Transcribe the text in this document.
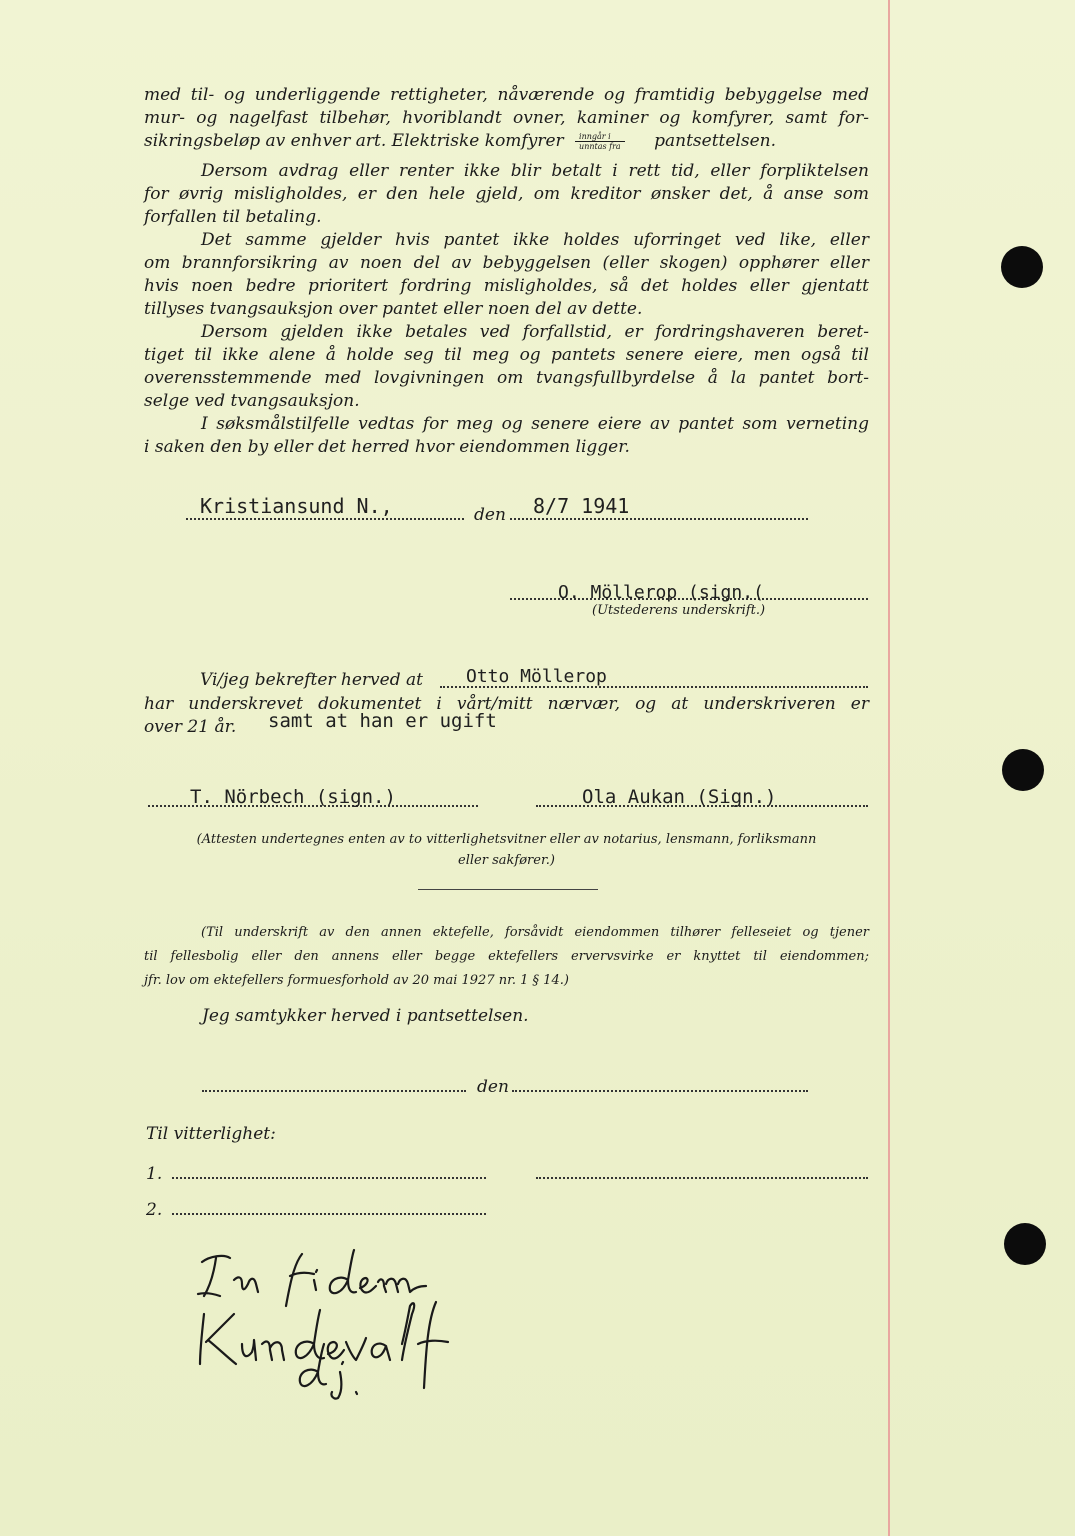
med til- og underliggende rettigheter, nåværende og framtidig bebyggelse med
mur- og nagelfast tilbehør, hvoriblandt ovner, kaminer og komfyrer, samt for-
sikringsbeløp av enhver art. Elektriske komfyrer $\frac{\text{inngår i}}{\text{unntas fra}}$ pantsettelsen.
Dersom avdrag eller renter ikke blir betalt i rett tid, eller forpliktelsen
for øvrig misligholdes, er den hele gjeld, om kreditor ønsker det, å anse som
forfallen til betaling.
Det samme gjelder hvis pantet ikke holdes uforringet ved like, eller
om brannforsikring av noen del av bebyggelsen (eller skogen) opphører eller
hvis noen bedre prioritert fordring misligholdes, så det holdes eller gjentatt
tillyses tvangsauksjon over pantet eller noen del av dette.
Dersom gjelden ikke betales ved forfallstid, er fordringshaveren beret-
tiget til ikke alene å holde seg til meg og pantets senere eiere, men også til
overensstemmende med lovgivningen om tvangsfullbyrdelse å la pantet bort-
selge ved tvangsauksjon.
I søksmålstilfelle vedtas for meg og senere eiere av pantet som verneting
i saken den by eller det herred hvor eiendommen ligger.
Kristiansund N.,	den 8/7 1941
O. Möllerop (sign.(
(Utstederens underskrift.)
Vi/jeg bekrefter herved at Otto Möllerop
har underskrevet dokumentet i vårt/mitt nærvær, og at underskriveren er
over 21 år. samt at han er ugift
T. Nörbech (sign.)	Ola Aukan (Sign.)
(Attesten undertegnes enten av to vitterlighetsvitner eller av notarius, lensmann, forliksmann
eller sakfører.)
(Til underskrift av den annen ektefelle, forsåvidt eiendommen tilhører felleseiet og tjener
til fellesbolig eller den annens eller begge ektefellers ervervsvirke er knyttet til eiendommen;
jfr. lov om ektefellers formuesforhold av 20 mai 1927 nr. 1 § 14.)
Jeg samtykker herved i pantsettelsen.
den
Til vitterlighet:
1.
2.
